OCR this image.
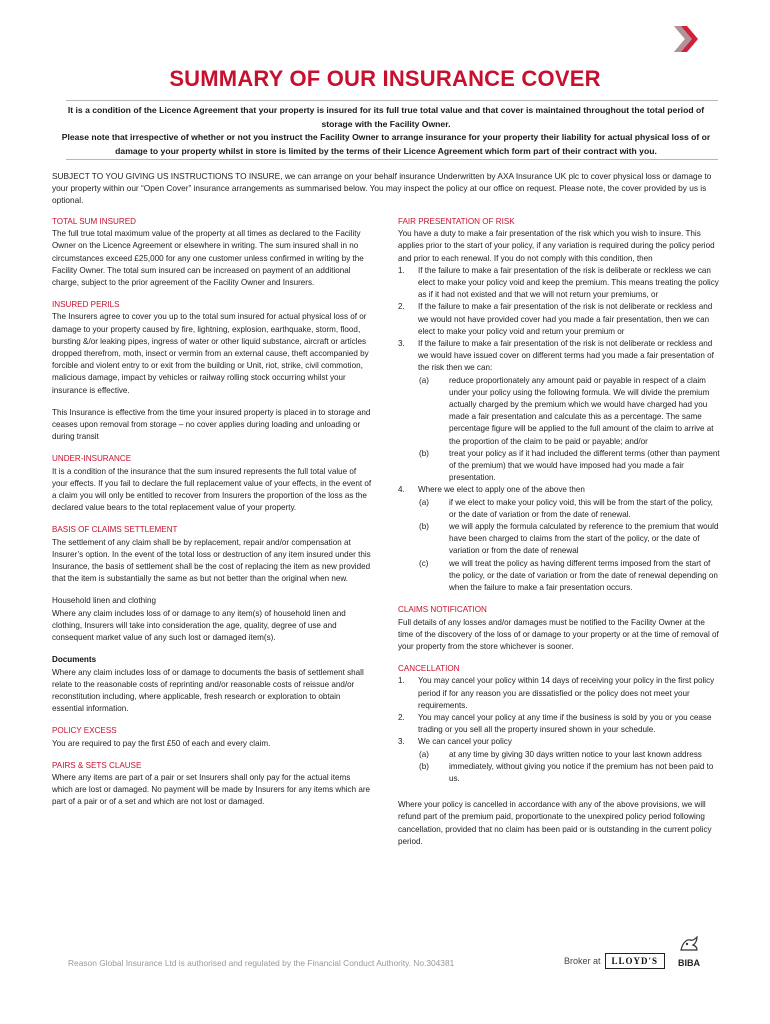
SUMMARY OF OUR INSURANCE COVER

It is a condition of the Licence Agreement that your property is insured for its full true total value and that cover is maintained throughout the total period of storage with the Facility Owner.

Please note that irrespective of whether or not you instruct the Facility Owner to arrange insurance for your property their liability for actual physical loss of or damage to your property whilst in store is limited by the terms of their Licence Agreement which form part of their contract with you.

SUBJECT TO YOU GIVING US INSTRUCTIONS TO INSURE, we can arrange on your behalf insurance Underwritten by AXA Insurance UK plc to cover physical loss or damage to your property within our “Open Cover” insurance arrangements as summarised below. You may inspect the policy at our office on request. Please note, the cover provided by us is optional.

TOTAL SUM INSURED

The full true total maximum value of the property at all times as declared to the Facility Owner on the Licence Agreement or elsewhere in writing. The sum insured shall in no circumstances exceed £25,000 for any one customer unless confirmed in writing by the Facility Owner. The total sum insured can be increased on payment of an additional charge, subject to the prior agreement of the Facility Owner and Insurers.

INSURED PERILS

The Insurers agree to cover you up to the total sum insured for actual physical loss of or damage to your property caused by fire, lightning, explosion, earthquake, storm, flood, bursting &/or leaking pipes, ingress of water or other liquid substance, aircraft or articles dropped therefrom, moth, insect or vermin from an external cause, theft accompanied by forcible and violent entry to or exit from the building or Unit, riot, strike, civil commotion, malicious damage, impact by vehicles or railway rolling stock occurring whilst your insurance is effective.

This Insurance is effective from the time your insured property is placed in to storage and ceases upon removal from storage – no cover applies during loading and unloading or during transit

UNDER-INSURANCE

It is a condition of the insurance that the sum insured represents the full total value of your effects. If you fail to declare the full replacement value of your effects, in the event of a claim you will only be entitled to recover from Insurers the proportion of the loss as the declared value bears to the total replacement value of your property.

BASIS OF CLAIMS SETTLEMENT

The settlement of any claim shall be by replacement, repair and/or compensation at Insurer’s option. In the event of the total loss or destruction of any item insured under this Insurance, the basis of settlement shall be the cost of replacing the item as new provided that the item is substantially the same as but not better than the original when new.

Household linen and clothing

Where any claim includes loss of or damage to any item(s) of household linen and clothing, Insurers will take into consideration the age, quality, degree of use and consequent market value of any such lost or damaged item(s).

Documents

Where any claim includes loss of or damage to documents the basis of settlement shall relate to the reasonable costs of reprinting and/or reasonable costs of reissue and/or reconstitution including, where applicable, fresh research or exploration to obtain essential information.

POLICY EXCESS

You are required to pay the first £50 of each and every claim.

PAIRS & SETS CLAUSE

Where any items are part of a pair or set Insurers shall only pay for the actual items which are lost or damaged. No payment will be made by Insurers for any items which are part of a pair or of a set and which are not lost or damaged.

FAIR PRESENTATION OF RISK

You have a duty to make a fair presentation of the risk which you wish to insure. This applies prior to the start of your policy, if any variation is required during the policy period and prior to each renewal. If you do not comply with this condition, then

1.	If the failure to make a fair presentation of the risk is deliberate or reckless we can elect to make your policy void and keep the premium. This means treating the policy as if it had not existed and that we will not return your premiums, or
2.	If the failure to make a fair presentation of the risk is not deliberate or reckless and we would not have provided cover had you made a fair presentation, then we can elect to make your policy void and return your premium or
3.	If the failure to make a fair presentation of the risk is not deliberate or reckless and we would have issued cover on different terms had you made a fair presentation of the risk then we can:
(a)	reduce proportionately any amount paid or payable in respect of a claim under your policy using the following formula. We will divide the premium actually charged by the premium which we would have charged had you made a fair presentation and calculate this as a percentage. The same percentage figure will be applied to the full amount of the claim to arrive at the proportion of the claim to be paid or payable; and/or
(b)	treat your policy as if it had included the different terms (other than payment of the premium) that we would have imposed had you made a fair presentation.
4.	Where we elect to apply one of the above then
(a)	if we elect to make your policy void, this will be from the start of the policy, or the date of variation or from the date of renewal.
(b)	we will apply the formula calculated by reference to the premium that would have been charged to claims from the start of the policy, or the date of variation or from the date of renewal
(c)	we will treat the policy as having different terms imposed from the start of the policy, or the date of variation or from the date of renewal depending on when the failure to make a fair presentation occurs.
CLAIMS NOTIFICATION

Full details of any losses and/or damages must be notified to the Facility Owner at the time of the discovery of the loss of or damage to your property or at the time of removal of your property from the store whichever is sooner.

CANCELLATION
1.	You may cancel your policy within 14 days of receiving your policy in the first policy period if for any reason you are dissatisfied or the policy does not meet your requirements.
2.	You may cancel your policy at any time if the business is sold by you or you cease trading or you sell all the property insured shown in your schedule.
3.	We can cancel your policy
(a)	at any time by giving 30 days written notice to your last known address
(b)	immediately, without giving you notice if the premium has not been paid to us.

Where your policy is cancelled in accordance with any of the above provisions, we will refund part of the premium paid, proportionate to the unexpired policy period following cancellation, provided that no claim has been paid or is outstanding in the current policy period.

Reason Global Insurance Ltd is authorised and regulated by the Financial Conduct Authority. No.304381	Broker at	LLOYD'S	BIBA
